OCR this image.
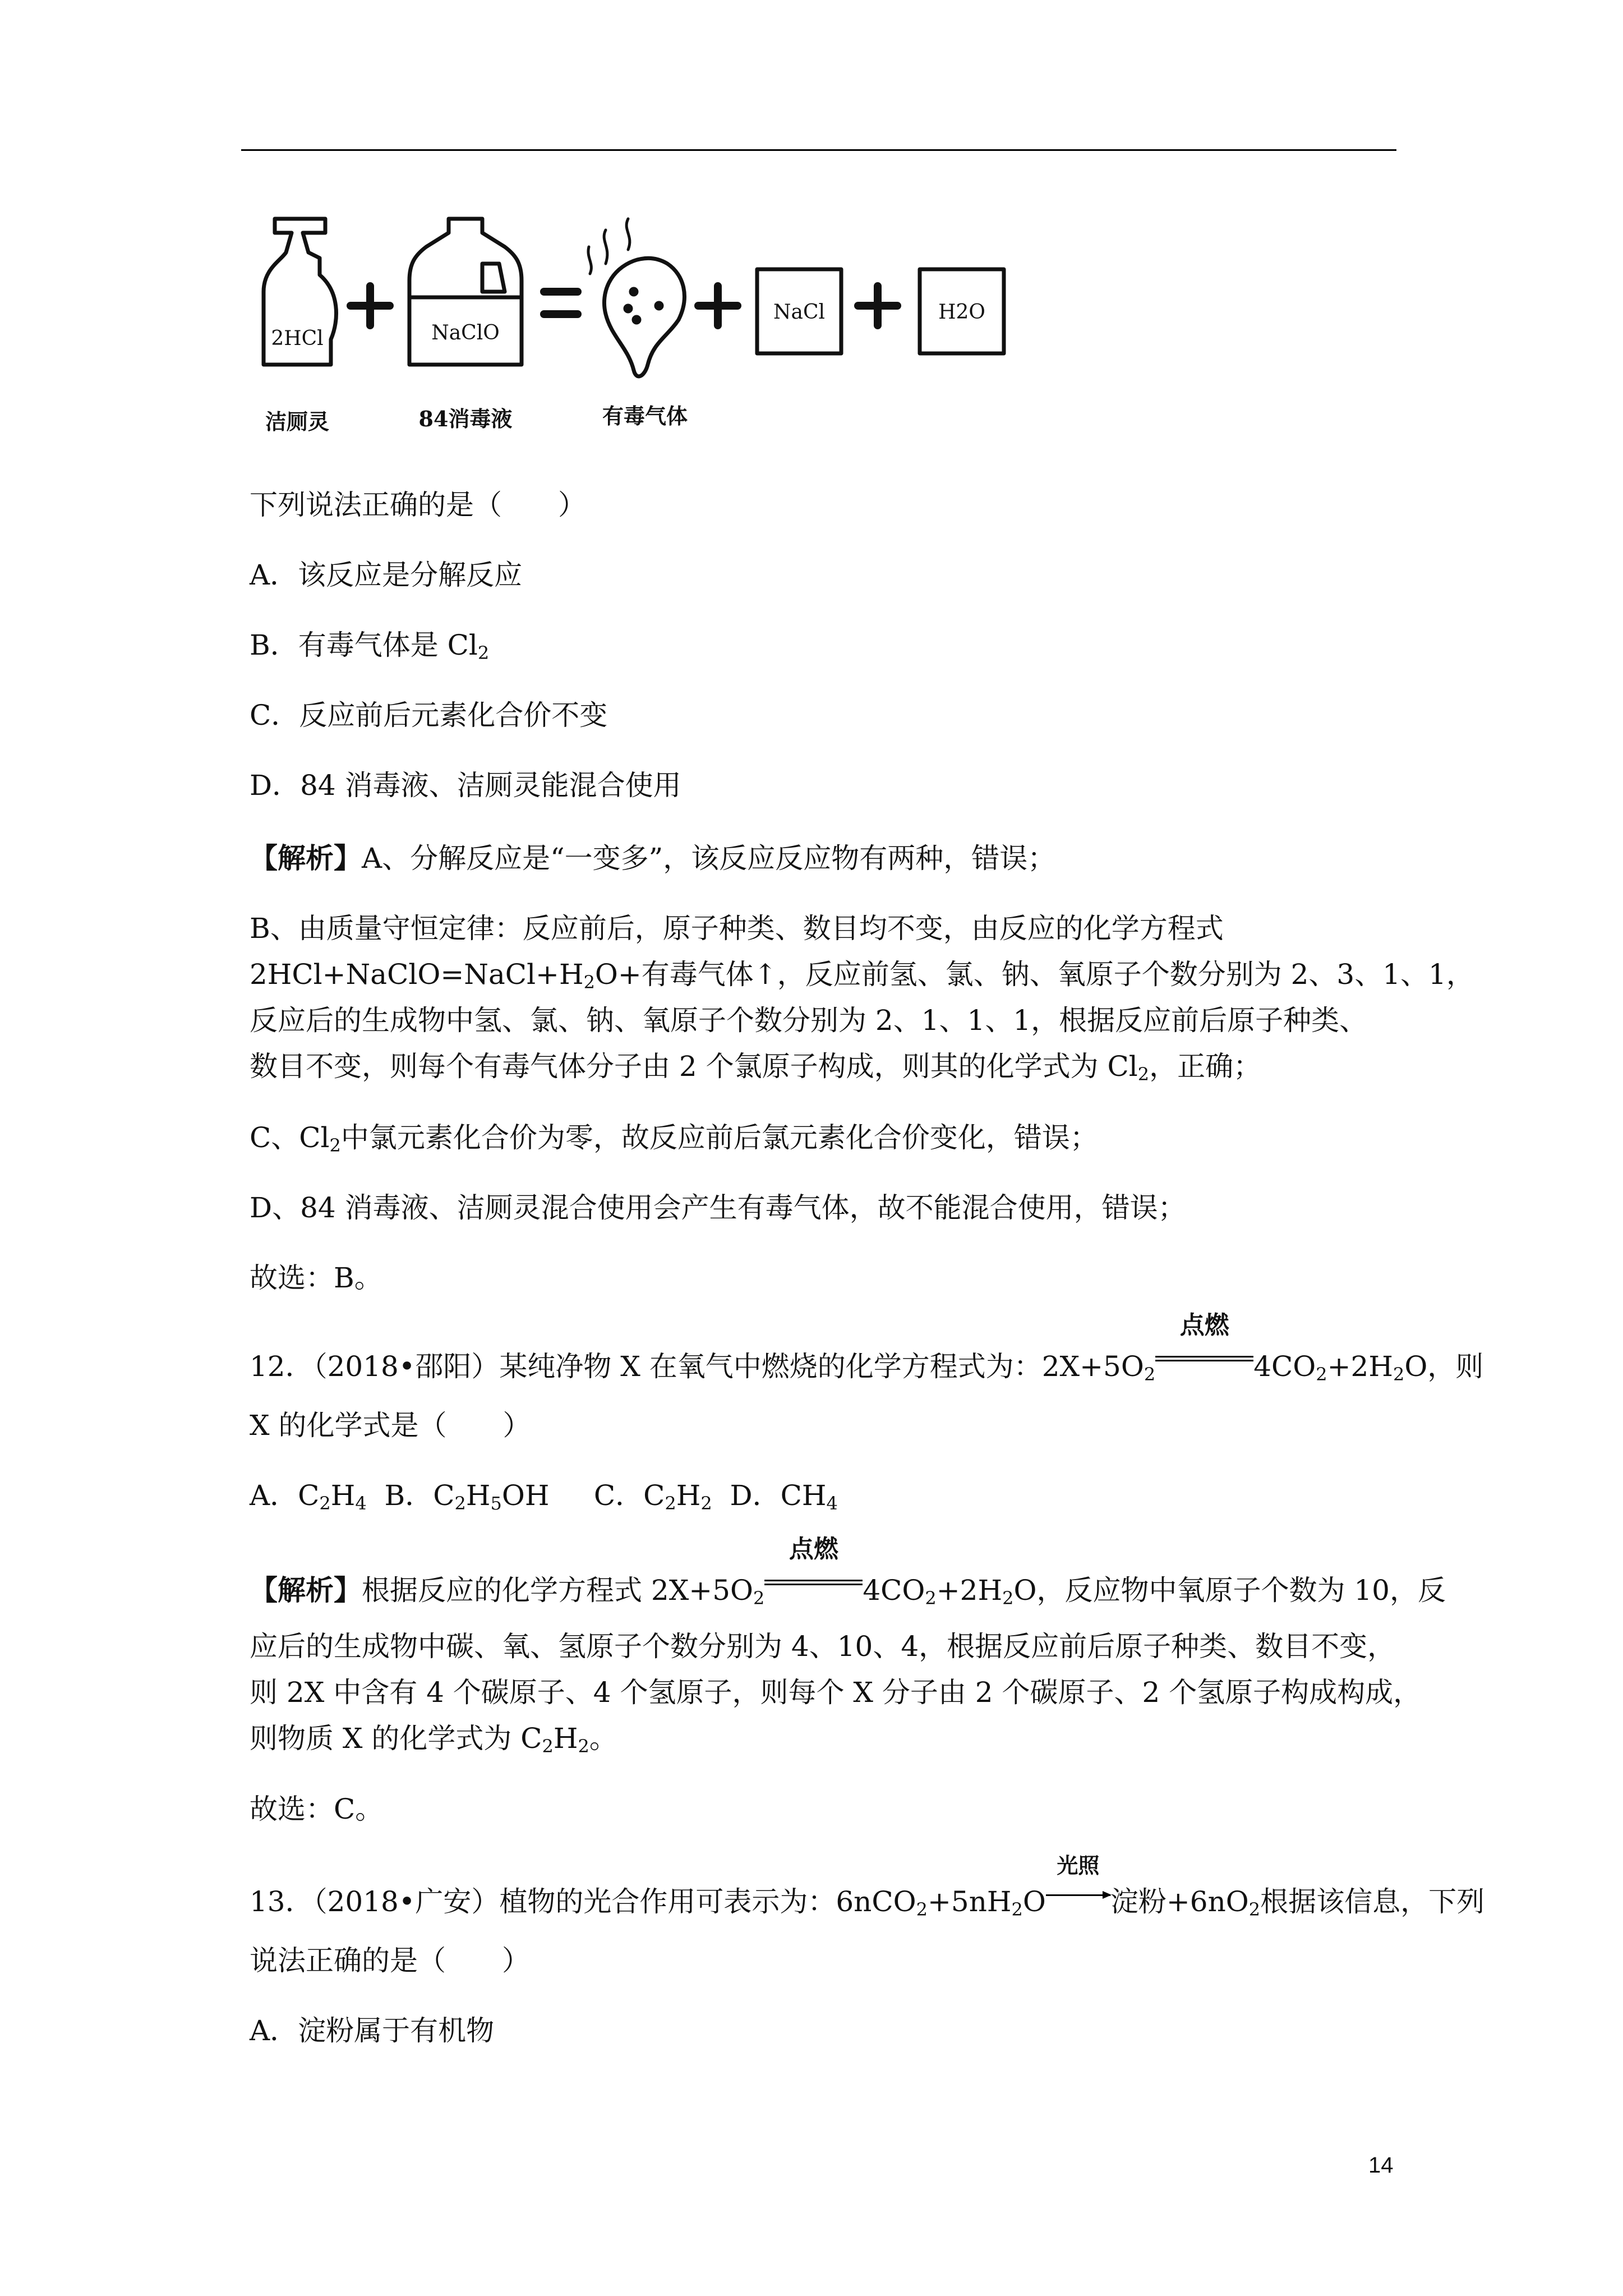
2HCl	NaClO
NaCl	H2O
洁厕灵	84消毒液	有毒气体
下列说法正确的是（　　）
A．该反应是分解反应
B．有毒气体是 $Cl_2$
C．反应前后元素化合价不变
D．84 消毒液、洁厕灵能混合使用
【解析】A、分解反应是“一变多”，该反应反应物有两种，错误；
B、由质量守恒定律：反应前后，原子种类、数目均不变，由反应的化学方程式
$2HCl+NaClO=NaCl+H_2O+$有毒气体↑，反应前氢、氯、钠、氧原子个数分别为 2、3、1、1，
反应后的生成物中氢、氯、钠、氧原子个数分别为 2、1、1、1，根据反应前后原子种类、
数目不变，则每个有毒气体分子由 2 个氯原子构成，则其的化学式为 $Cl_2$，正确；
C、$Cl_2$中氯元素化合价为零，故反应前后氯元素化合价变化，错误；
D、84 消毒液、洁厕灵混合使用会产生有毒气体，故不能混合使用，错误；
故选：B。
12．（2018•邵阳）某纯净物 X 在氧气中燃烧的化学方程式为：$2X+5O_2$
点燃
$4CO_2+2H_2O$，则
X 的化学式是（　　）
A．$C_2H_4$ B．$C_2H_5OH$ C．$C_2H_2$ D．$CH_4$
【解析】根据反应的化学方程式 $2X+5O_2$
点燃
$4CO_2+2H_2O$，反应物中氧原子个数为 10，反
应后的生成物中碳、氧、氢原子个数分别为 4、10、4，根据反应前后原子种类、数目不变，
则 2X 中含有 4 个碳原子、4 个氢原子，则每个 X 分子由 2 个碳原子、2 个氢原子构成构成，
则物质 X 的化学式为 $C_2H_2$。
故选：C。
13．（2018•广安）植物的光合作用可表示为：$6nCO_2+5nH_2O$
光照
淀粉$+6nO_2$根据该信息，下列
说法正确的是（　　）
A．淀粉属于有机物
14
